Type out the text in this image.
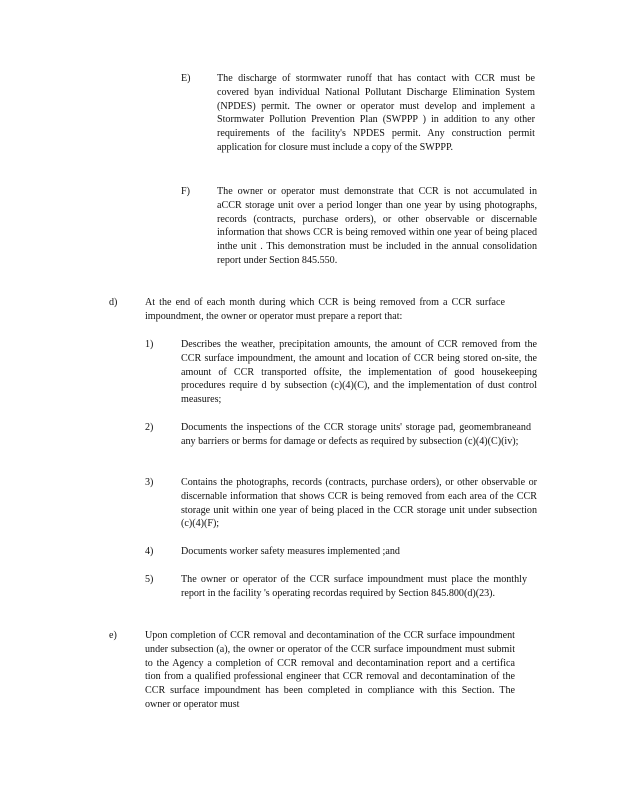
E)	The discharge of stormwater runoff that has contact with CCR must be covered byan individual National Pollutant Discharge Elimination System (NPDES) permit. The owner or operator must develop and implement a Stormwater Pollution Prevention Plan (SWPPP ) in addition to any other requirements of the facility's NPDES permit. Any construction permit application for closure must include a copy of the SWPPP.
F)	The owner or operator must demonstrate that CCR is not accumulated in aCCR storage unit over a period longer than one year by using photographs, records (contracts, purchase orders), or other observable or discernable information that shows CCR is being removed within one year of being placed inthe unit . This demonstration must be included in the annual consolidation report under Section 845.550.
d)	At the end of each month during which CCR is being removed from a CCR surface impoundment, the owner or operator must prepare a report that:
1)	Describes the weather, precipitation amounts, the amount of CCR removed from the CCR surface impoundment, the amount and location of CCR being stored on-site, the amount of CCR transported offsite, the implementation of good housekeeping procedures require d by subsection (c)(4)(C), and the implementation of dust control measures;
2)	Documents the inspections of the CCR storage units' storage pad, geomembraneand any barriers or berms for damage or defects as required by subsection (c)(4)(C)(iv);
3)	Contains the photographs, records (contracts, purchase orders), or other observable or discernable information that shows CCR is being removed from each area of the CCR storage unit within one year of being placed in the CCR storage unit under subsection (c)(4)(F);
4)	Documents worker safety measures implemented ;and
5)	The owner or operator of the CCR surface impoundment must place the monthly report in the facility 's operating recordas required by Section 845.800(d)(23).
e)	Upon completion of CCR removal and decontamination of the CCR surface impoundment under subsection (a), the owner or operator of the CCR surface impoundment must submit to the Agency a completion of CCR removal and decontamination report and a certifica tion from a qualified professional engineer that CCR removal and decontamination of the CCR surface impoundment has been completed in compliance with this Section. The owner or operator must
